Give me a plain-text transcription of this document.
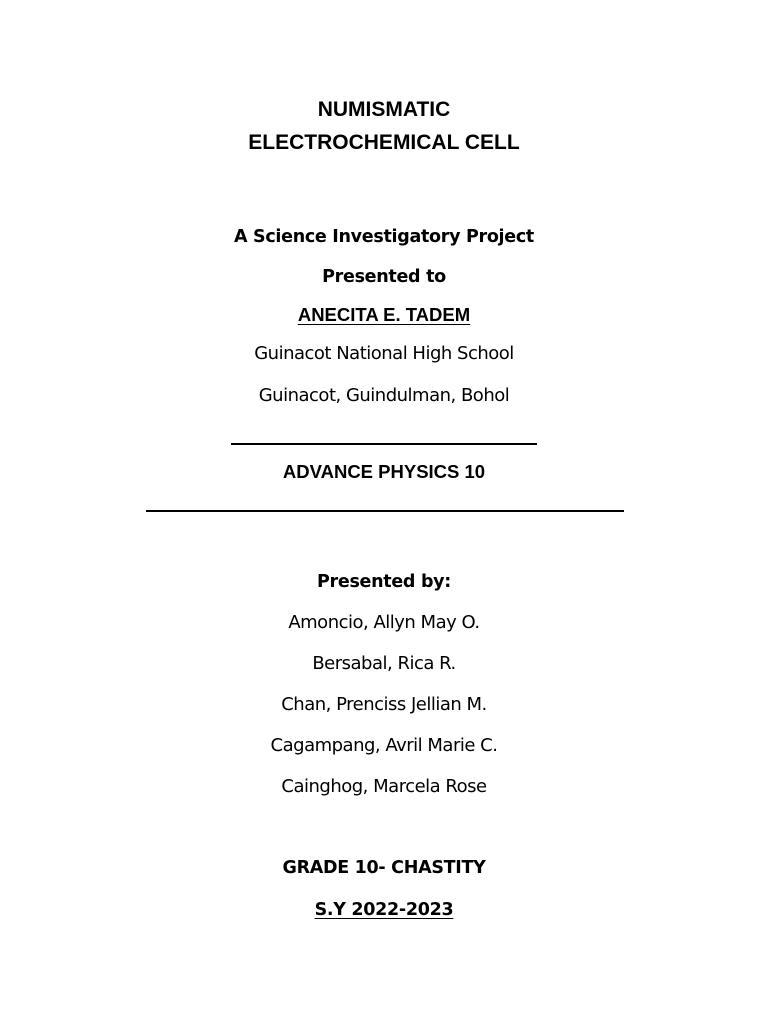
NUMISMATIC
ELECTROCHEMICAL CELL
A Science Investigatory Project
Presented to
ANECITA E. TADEM
Guinacot National High School
Guinacot, Guindulman, Bohol
ADVANCE PHYSICS 10
Presented by:
Amoncio, Allyn May O.
Bersabal, Rica R.
Chan, Prenciss Jellian M.
Cagampang, Avril Marie C.
Cainghog, Marcela Rose
GRADE 10- CHASTITY
S.Y 2022-2023
